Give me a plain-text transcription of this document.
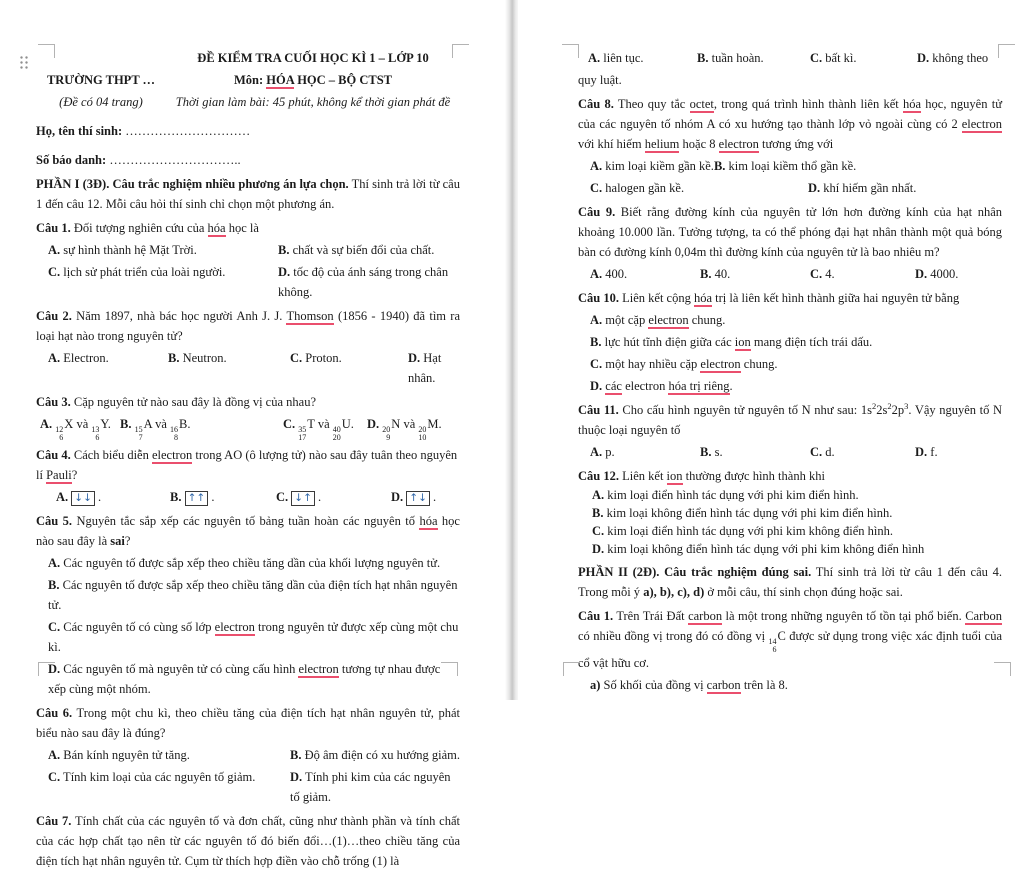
ĐỀ KIỂM TRA CUỐI HỌC KÌ 1 – LỚP 10
TRƯỜNG THPT …	Môn: HÓA HỌC – BỘ CTST
(Đề có 04 trang)	Thời gian làm bài: 45 phút, không kể thời gian phát đề
Họ, tên thí sinh: …………………………
Số báo danh: …………………………..
PHẦN I (3Đ). Câu trắc nghiệm nhiều phương án lựa chọn. Thí sinh trả lời từ câu 1 đến câu 12. Mỗi câu hỏi thí sinh chỉ chọn một phương án.
Câu 1. Đối tượng nghiên cứu của hóa học là
A. sự hình thành hệ Mặt Trời.	B. chất và sự biến đổi của chất.
C. lịch sử phát triển của loài người.	D. tốc độ của ánh sáng trong chân không.
Câu 2. Năm 1897, nhà bác học người Anh J. J. Thomson (1856 - 1940) đã tìm ra loại hạt nào trong nguyên tử?
A. Electron.	B. Neutron.	C. Proton.	D. Hạt nhân.
Câu 3. Cặp nguyên tử nào sau đây là đồng vị của nhau?
A. 12
6
X và 13
6
Y. B. 15
7
A và 16
8
B.	C. 35
17
T và 40
20
U.	D. 20
9
N và 20
10
M.
Câu 4. Cách biểu diễn electron trong AO (ô lượng tử) nào sau đây tuân theo nguyên lí Pauli?
A. ↓↓ .	B. ↑↑ .	C. ↓↑ .	D. ↑↓ .
Câu 5. Nguyên tắc sắp xếp các nguyên tố bảng tuần hoàn các nguyên tố hóa học nào sau đây là sai?
A. Các nguyên tố được sắp xếp theo chiều tăng dần của khối lượng nguyên tử.
B. Các nguyên tố được sắp xếp theo chiều tăng dần của điện tích hạt nhân nguyên tử.
C. Các nguyên tố có cùng số lớp electron trong nguyên tử được xếp cùng một chu kì.
D. Các nguyên tố mà nguyên tử có cùng cấu hình electron tương tự nhau được xếp cùng một nhóm.
Câu 6. Trong một chu kì, theo chiều tăng của điện tích hạt nhân nguyên tử, phát biểu nào sau đây là đúng?
A. Bán kính nguyên tử tăng.	B. Độ âm điện có xu hướng giảm.
C. Tính kim loại của các nguyên tố giảm.	D. Tính phi kim của các nguyên tố giảm.
Câu 7. Tính chất của các nguyên tố và đơn chất, cũng như thành phần và tính chất của các hợp chất tạo nên từ các nguyên tố đó biến đổi…(1)…theo chiều tăng của điện tích hạt nhân nguyên tử. Cụm từ thích hợp điền vào chỗ trống (1) là
A. liên tục.	B. tuần hoàn.	C. bất kì.	D. không theo
quy luật.
Câu 8. Theo quy tắc octet, trong quá trình hình thành liên kết hóa học, nguyên tử của các nguyên tố nhóm A có xu hướng tạo thành lớp vỏ ngoài cùng có 2 electron với khí hiếm helium hoặc 8 electron tương ứng với
A. kim loại kiềm gần kề. B. kim loại kiềm thổ gần kề.
C. halogen gần kề.	D. khí hiếm gần nhất.
Câu 9. Biết rằng đường kính của nguyên tử lớn hơn đường kính của hạt nhân khoảng 10.000 lần. Tưởng tượng, ta có thể phóng đại hạt nhân thành một quả bóng bàn có đường kính 0,04m thì đường kính của nguyên tử là bao nhiêu m?
A. 400.	B. 40.	C. 4.	D. 4000.
Câu 10. Liên kết cộng hóa trị là liên kết hình thành giữa hai nguyên tử bằng
A. một cặp electron chung.
B. lực hút tĩnh điện giữa các ion mang điện tích trái dấu.
C. một hay nhiều cặp electron chung.
D. các electron hóa trị riêng.
Câu 11. Cho cấu hình nguyên tử nguyên tố N như sau: $1s^22s^22p^3$. Vậy nguyên tố N thuộc loại nguyên tố
A. p.	B. s.	C. d.	D. f.
Câu 12. Liên kết ion thường được hình thành khi
A. kim loại điển hình tác dụng với phi kim điển hình.
B. kim loại không điển hình tác dụng với phi kim điển hình.
C. kim loại điển hình tác dụng với phi kim không điển hình.
D. kim loại không điển hình tác dụng với phi kim không điển hình
PHẦN II (2Đ). Câu trắc nghiệm đúng sai. Thí sinh trả lời từ câu 1 đến câu 4. Trong mỗi ý a), b), c), d) ở mỗi câu, thí sinh chọn đúng hoặc sai.
Câu 1. Trên Trái Đất carbon là một trong những nguyên tố tồn tại phổ biến. Carbon có nhiều đồng vị trong đó có đồng vị 14
6
C được sử dụng trong việc xác định tuổi của cổ vật hữu cơ.
a) Số khối của đồng vị carbon trên là 8.
